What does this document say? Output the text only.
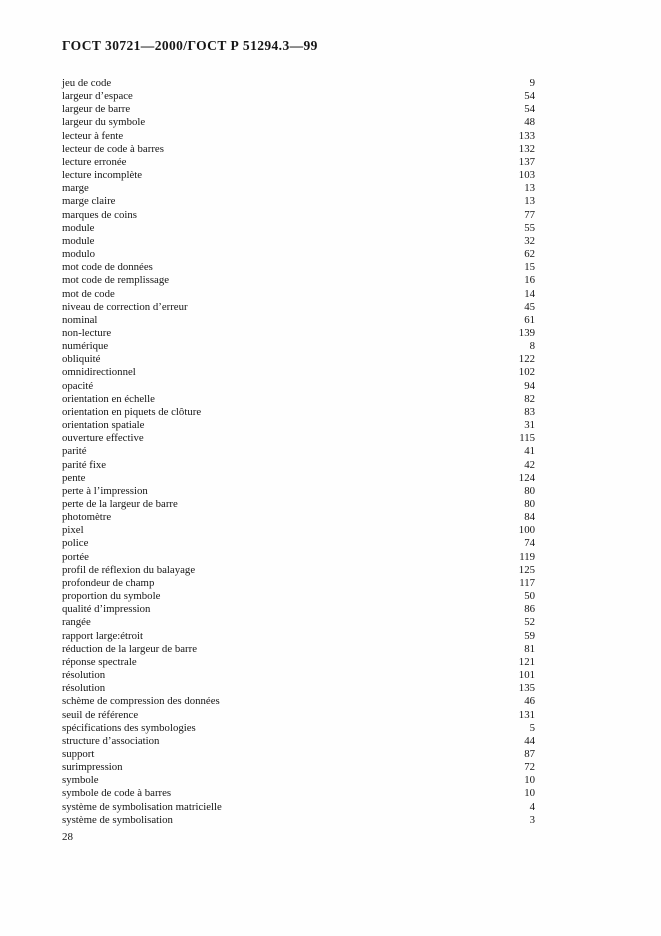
ГОСТ 30721—2000/ГОСТ Р 51294.3—99
jeu de code	9
largeur d’espace	54
largeur de barre	54
largeur du symbole	48
lecteur à fente	133
lecteur de code à barres	132
lecture erronée	137
lecture incomplète	103
marge	13
marge claire	13
marques de coins	77
module	55
module	32
modulo	62
mot code de données	15
mot code de remplissage	16
mot de code	14
niveau de correction d’erreur	45
nominal	61
non-lecture	139
numérique	8
obliquité	122
omnidirectionnel	102
opacité	94
orientation en échelle	82
orientation en piquets de clôture	83
orientation spatiale	31
ouverture effective	115
parité	41
parité fixe	42
pente	124
perte à l’impression	80
perte de la largeur de barre	80
photomètre	84
pixel	100
police	74
portée	119
profil de réflexion du balayage	125
profondeur de champ	117
proportion du symbole	50
qualité d’impression	86
rangée	52
rapport large:étroit	59
réduction de la largeur de barre	81
réponse spectrale	121
résolution	101
résolution	135
schème de compression des données	46
seuil de référence	131
spécifications des symbologies	5
structure d’association	44
support	87
surimpression	72
symbole	10
symbole de code à barres	10
système de symbolisation matricielle	4
système de symbolisation	3
28
